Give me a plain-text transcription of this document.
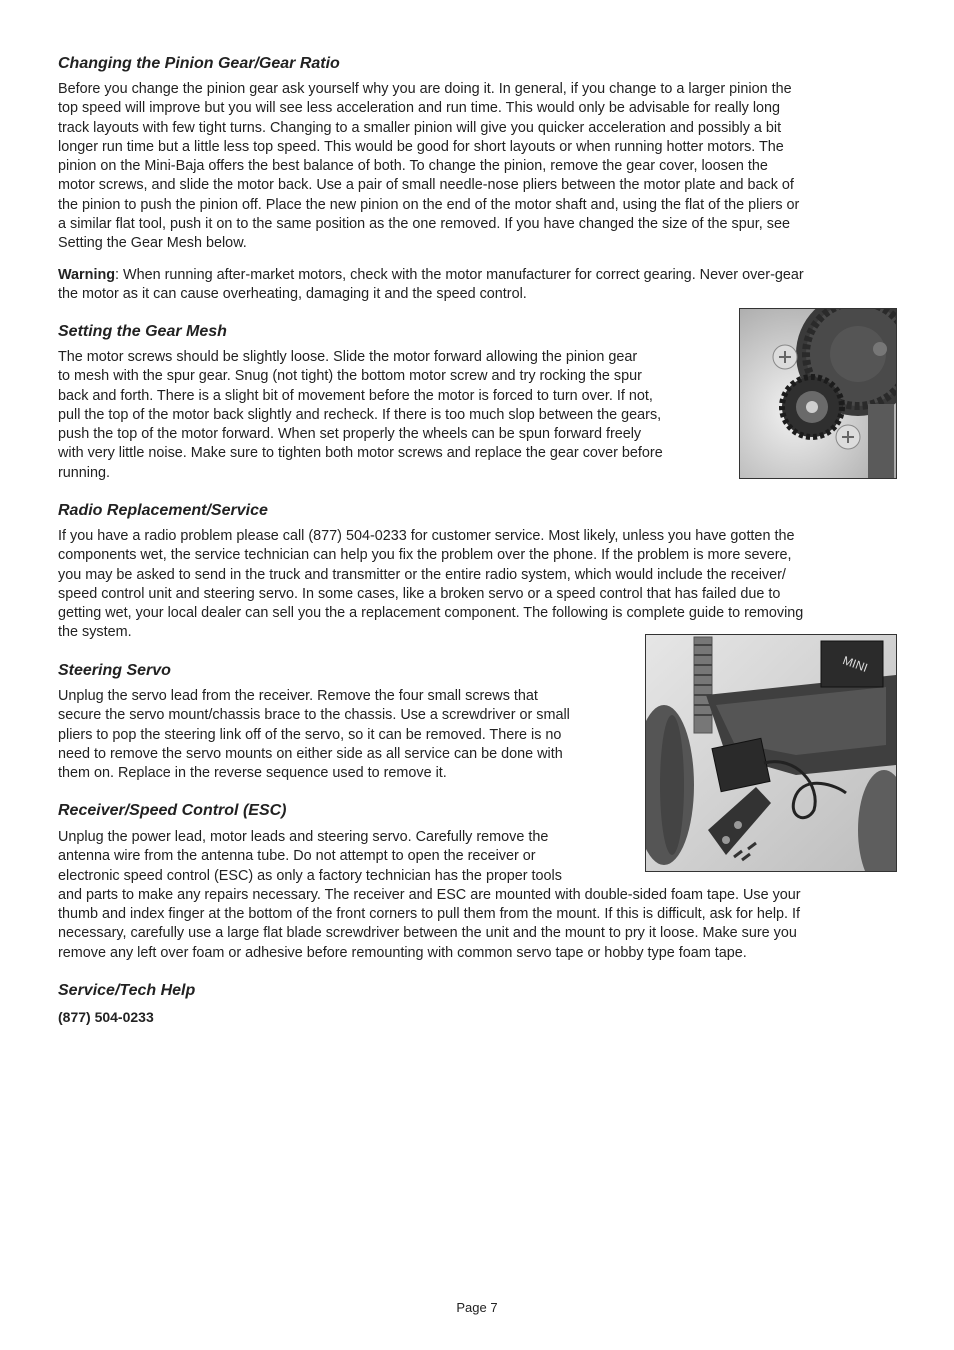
Changing the Pinion Gear/Gear Ratio
Before you change the pinion gear ask yourself why you are doing it. In general, if you change to a larger pinion the
top speed will improve but you will see less acceleration and run time. This would only be advisable for really long
track layouts with few tight turns. Changing to a smaller pinion will give you quicker acceleration and possibly a bit
longer run time but a little less top speed. This would be good for short layouts or when running hotter motors. The
pinion on the Mini-Baja offers the best balance of both. To change the pinion, remove the gear cover, loosen the
motor screws, and slide the motor back. Use a pair of small needle-nose pliers between the motor plate and back of
the pinion to push the pinion off. Place the new pinion on the end of the motor shaft and, using the flat of the pliers or
a similar flat tool, push it on to the same position as the one removed. If you have changed the size of the spur, see
Setting the Gear Mesh below.
Warning: When running after-market motors, check with the motor manufacturer for correct gearing. Never over-gear
the motor as it can cause overheating, damaging it and the speed control.
Setting the Gear Mesh
The motor screws should be slightly loose. Slide the motor forward allowing the pinion gear
to mesh with the spur gear. Snug (not tight) the bottom motor screw and try rocking the spur
back and forth. There is a slight bit of movement before the motor is forced to turn over. If not,
pull the top of the motor back slightly and recheck. If there is too much slop between the gears,
push the top of the motor forward. When set properly the wheels can be spun forward freely
with very little noise. Make sure to tighten both motor screws and replace the gear cover before
running.
Radio Replacement/Service
If you have a radio problem please call (877) 504-0233 for customer service. Most likely, unless you have gotten the
components wet, the service technician can help you fix the problem over the phone. If the problem is more severe,
you may be asked to send in the truck and transmitter or the entire radio system, which would include the receiver/
speed control unit and steering servo. In some cases, like a broken servo or a speed control that has failed due to
getting wet, your local dealer can sell you the a replacement component. The following is complete guide to removing
the system.
Steering Servo
Unplug the servo lead from the receiver. Remove the four small screws that
secure the servo mount/chassis brace to the chassis. Use a screwdriver or small
pliers to pop the steering link off of the servo, so it can be removed. There is no
need to remove the servo mounts on either side as all service can be done with
them on. Replace in the reverse sequence used to remove it.
MINI
Receiver/Speed Control (ESC)
Unplug the power lead, motor leads and steering servo. Carefully remove the
antenna wire from the antenna tube. Do not attempt to open the receiver or
electronic speed control (ESC) as only a factory technician has the proper tools
and parts to make any repairs necessary. The receiver and ESC are mounted with double-sided foam tape. Use your
thumb and index finger at the bottom of the front corners to pull them from the mount. If this is difficult, ask for help. If
necessary, carefully use a large flat blade screwdriver between the unit and the mount to pry it loose. Make sure you
remove any left over foam or adhesive before remounting with common servo tape or hobby type foam tape.
Service/Tech Help
(877) 504-0233
Page 7
